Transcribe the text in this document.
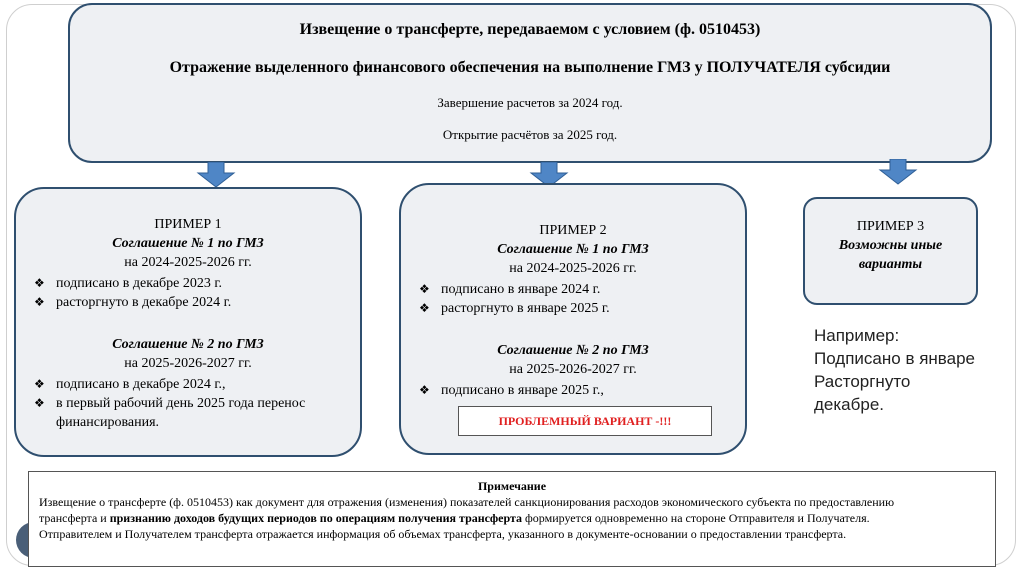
Извещение о трансферте, передаваемом с условием (ф. 0510453)
Отражение выделенного финансового обеспечения на выполнение ГМЗ у ПОЛУЧАТЕЛЯ субсидии
Завершение расчетов за 2024 год.
Открытие расчётов за 2025 год.
ПРИМЕР 1
Соглашение № 1 по ГМЗ
на 2024-2025-2026 гг.
❖ подписано в декабре 2023 г.
❖ расторгнуто в декабре 2024 г.
Соглашение № 2 по ГМЗ
на 2025-2026-2027 гг.
❖ подписано в декабре 2024 г.,
❖ в первый рабочий день 2025 года перенос
финансирования.
ПРИМЕР 2
Соглашение № 1 по ГМЗ
на 2024-2025-2026 гг.
❖ подписано в январе 2024 г.
❖ расторгнуто в январе 2025 г.
Соглашение № 2 по ГМЗ
на 2025-2026-2027 гг.
❖ подписано в январе 2025 г.,
ПРОБЛЕМНЫЙ ВАРИАНТ -!!!
ПРИМЕР 3
Возможны иные
варианты
Например:
Подписано в январе
Расторгнуто
декабре.
Примечание
Извещение о трансферте (ф. 0510453) как документ для отражения (изменения) показателей санкционирования расходов экономического субъекта по предоставлению
трансферта и признанию доходов будущих периодов по операциям получения трансферта формируется одновременно на стороне Отправителя и Получателя.
Отправителем и Получателем трансферта отражается информация об объемах трансферта, указанного в документе-основании о предоставлении трансферта.
